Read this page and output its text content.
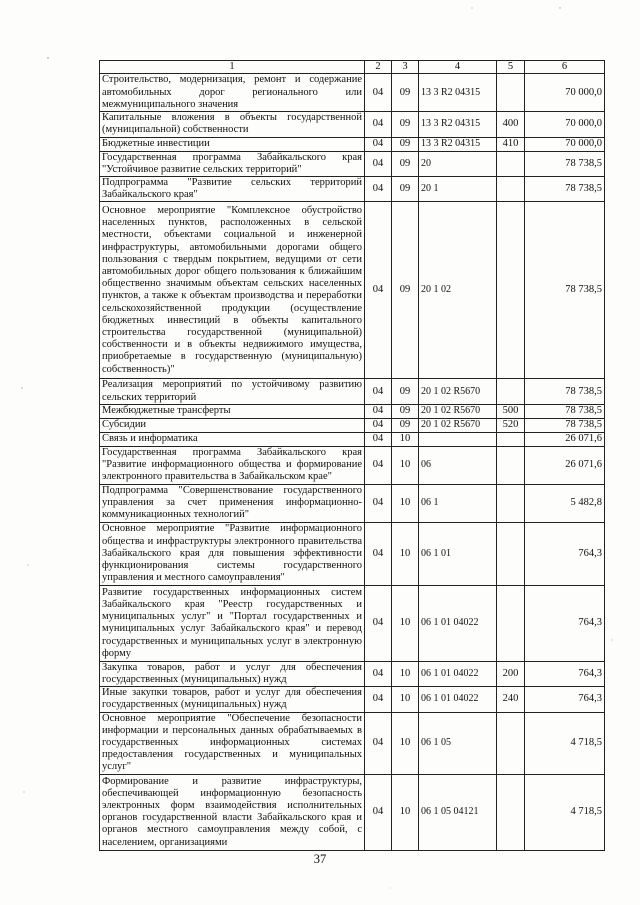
1	2	3	4	5	6
Строительство, модернизация, ремонт и содержание автомобильных дорог регионального или межмуниципального значения	04	09	13 3 R2 04315		70 000,0
Капитальные вложения в объекты государственной (муниципальной) собственности	04	09	13 3 R2 04315	400	70 000,0
Бюджетные инвестиции	04	09	13 3 R2 04315	410	70 000,0
Государственная программа Забайкальского края "Устойчивое развитие сельских территорий"	04	09	20		78 738,5
Подпрограмма "Развитие сельских территорий Забайкальского края"	04	09	20 1		78 738,5
Основное мероприятие "Комплексное обустройство населенных пунктов, расположенных в сельской местности, объектами социальной и инженерной инфраструктуры, автомобильными дорогами общего пользования с твердым покрытием, ведущими от сети автомобильных дорог общего пользования к ближайшим общественно значимым объектам сельских населенных пунктов, а также к объектам производства и переработки сельскохозяйственной продукции (осуществление бюджетных инвестиций в объекты капитального строительства государственной (муниципальной) собственности и в объекты недвижимого имущества, приобретаемые в государственную (муниципальную) собственность)"	04	09	20 1 02		78 738,5
Реализация мероприятий по устойчивому развитию сельских территорий	04	09	20 1 02 R5670		78 738,5
Межбюджетные трансферты	04	09	20 1 02 R5670	500	78 738,5
Субсидии	04	09	20 1 02 R5670	520	78 738,5
Связь и информатика	04	10			26 071,6
Государственная программа Забайкальского края "Развитие информационного общества и формирование электронного правительства в Забайкальском крае"	04	10	06		26 071,6
Подпрограмма "Совершенствование государственного управления за счет применения информационно-коммуникационных технологий"	04	10	06 1		5 482,8
Основное мероприятие "Развитие информационного общества и инфраструктуры электронного правительства Забайкальского края для повышения эффективности функционирования системы государственного управления и местного самоуправления"	04	10	06 1 01		764,3
Развитие государственных информационных систем Забайкальского края "Реестр государственных и муниципальных услуг" и "Портал государственных и муниципальных услуг Забайкальского края" и перевод государственных и муниципальных услуг в электронную форму	04	10	06 1 01 04022		764,3
Закупка товаров, работ и услуг для обеспечения государственных (муниципальных) нужд	04	10	06 1 01 04022	200	764,3
Иные закупки товаров, работ и услуг для обеспечения государственных (муниципальных) нужд	04	10	06 1 01 04022	240	764,3
Основное мероприятие "Обеспечение безопасности информации и персональных данных обрабатываемых в государственных информационных системах предоставления государственных и муниципальных услуг"	04	10	06 1 05		4 718,5
Формирование и развитие инфраструктуры, обеспечивающей информационную безопасность электронных форм взаимодействия исполнительных органов государственной власти Забайкальского края и органов местного самоуправления между собой, с населением, организациями	04	10	06 1 05 04121		4 718,5
37
